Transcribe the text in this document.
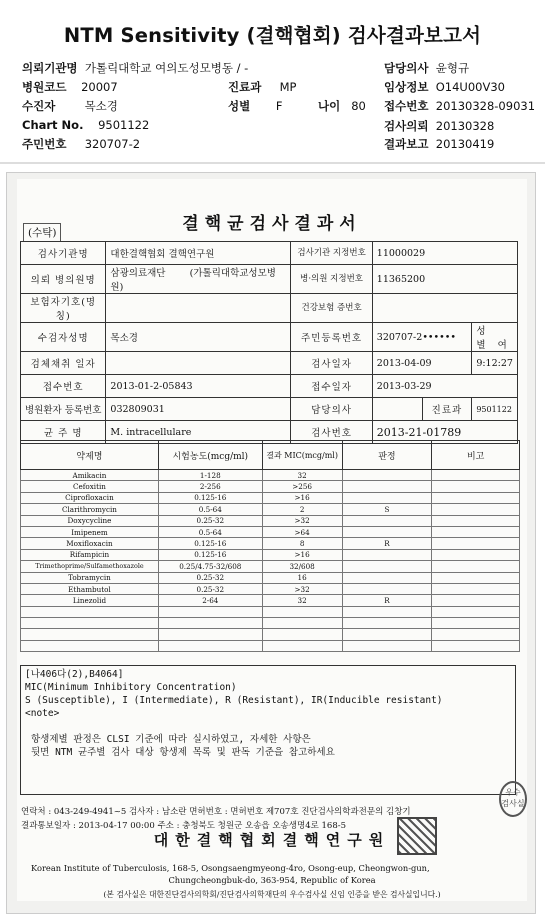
NTM Sensitivity (결핵협회) 검사결과보고서
의뢰기관명 가톨릭대학교 여의도성모병동 / -
병원코드 20007
수진자	목소경
Chart No. 9501122
주민번호 320707-2
진료과 MP
성별 F	나이 80
담당의사 윤형규
임상정보 O14U00V30
접수번호 20130328-09031
검사의뢰 20130328
결과보고 20130419
(수탁)	결핵균검사결과서
검사기관명	대한결핵협회 결핵연구원	검사기관 지정번호	11000029		
의뢰 병의원명	삼광의료재단 (가톨릭대학교성모병원)	병·의원 지정번호	11365200		
보험자기호(명칭)		건강보험 증번호			
수검자성명	목소경	주민등록번호	320707-2••••••		성별 여
검체채취 일자		검사일자	2013-04-09		9:12:27
접수번호	2013-01-2-05843	접수일자	2013-03-29		
병원환자 등록번호	032809031	담당의사		진료과	9501122
균 주 명	M. intracellulare	검사번호	2013-21-01789		
약제명	시험농도(mcg/ml)	결과 MIC(mcg/ml)	판정	비고
Amikacin	1-128	32		
Cefoxitin	2-256	>256		
Ciprofloxacin	0.125-16	>16		
Clarithromycin	0.5-64	2	S	
Doxycycline	0.25-32	>32		
Imipenem	0.5-64	>64		
Moxifloxacin	0.125-16	8	R	
Rifampicin	0.125-16	>16		
Trimethoprime/Sulfamethoxazole	0.25/4.75-32/608	32/608		
Tobramycin	0.25-32	16		
Ethambutol	0.25-32	>32		
Linezolid	2-64	32	R	

[나406다(2),B4064]
MIC(Minimum Inhibitory Concentration)
S (Susceptible), I (Intermediate), R (Resistant), IR(Inducible resistant)
<note>

항생제별 판정은 CLSI 기준에 따라 실시하였고, 자세한 사항은
뒷면 NTM 균주별 검사 대상 항생제 목록 및 판독 기준을 참고하세요
연락처 : 043-249-4941~5 검사자 : 남소란 면허번호 : 면허번호 제707호 진단검사의학과전문의 김창기
결과통보일자 : 2013-04-17 00:00 주소 : 충청북도 청원군 오송읍 오송생명4로 168-5
대한결핵협회결핵연구원
Korean Institute of Tuberculosis, 168-5, Osongsaengmyeong-4ro, Osong-eup, Cheongwon-gun,
Chungcheongbuk-do, 363-954, Republic of Korea
(본 검사실은 대한진단검사의학회/진단검사의학재단의 우수검사실 신임 인증을 받은 검사실입니다.)
우수 검사실
